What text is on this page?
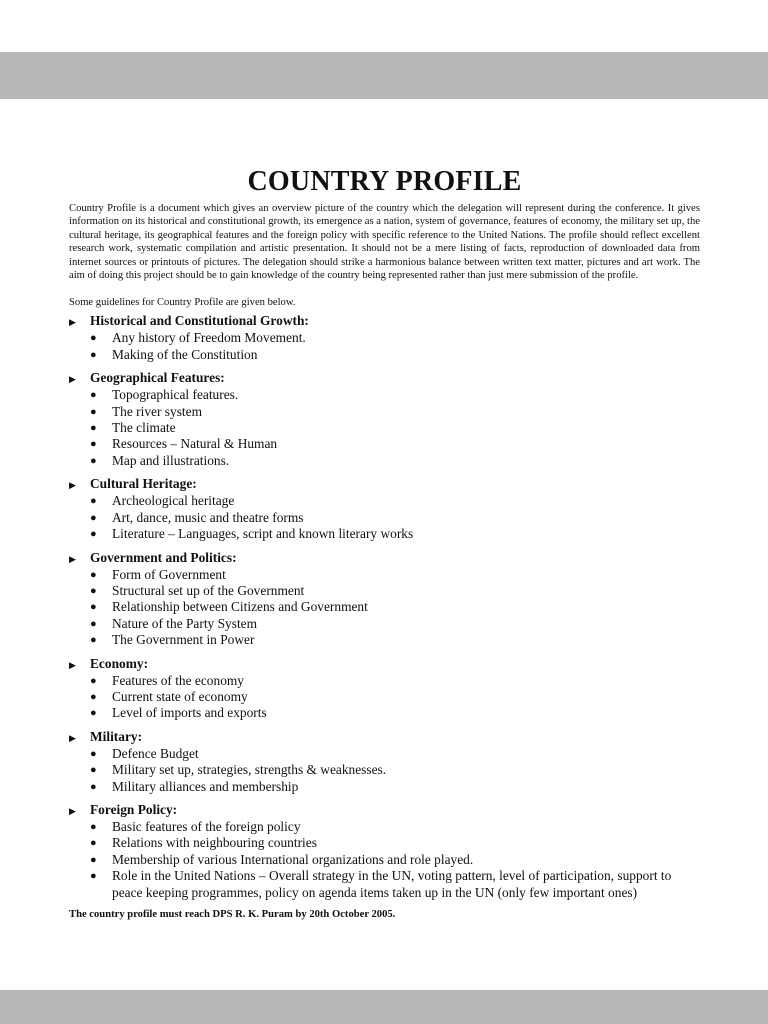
COUNTRY PROFILE

Country Profile is a document which gives an overview picture of the country which the delegation will represent during the conference. It gives information on its historical and constitutional growth, its emergence as a nation, system of governance, features of economy, the military set up, the cultural heritage, its geographical features and the foreign policy with specific reference to the United Nations. The profile should reflect excellent research work, systematic compilation and artistic presentation. It should not be a mere listing of facts, reproduction of downloaded data from internet sources or printouts of pictures. The delegation should strike a harmonious balance between written text matter, pictures and art work. The aim of doing this project should be to gain knowledge of the country being represented rather than just mere submission of the profile.

Some guidelines for Country Profile are given below.

▶	Historical and Constitutional Growth:
●	Any history of Freedom Movement.
●	Making of the Constitution
▶	Geographical Features:
●	Topographical features.
●	The river system
●	The climate
●	Resources – Natural & Human
●	Map and illustrations.
▶	Cultural Heritage:
●	Archeological heritage
●	Art, dance, music and theatre forms
●	Literature – Languages, script and known literary works
▶	Government and Politics:
●	Form of Government
●	Structural set up of the Government
●	Relationship between Citizens and Government
●	Nature of the Party System
●	The Government in Power
▶	Economy:
●	Features of the economy
●	Current state of economy
●	Level of imports and exports
▶	Military:
●	Defence Budget
●	Military set up, strategies, strengths & weaknesses.
●	Military alliances and membership
▶	Foreign Policy:
●	Basic features of the foreign policy
●	Relations with neighbouring countries
●	Membership of various International organizations and role played.
●	Role in the United Nations – Overall strategy in the UN, voting pattern, level of participation, support to peace keeping programmes, policy on agenda items taken up in the UN (only few important ones)

The country profile must reach DPS R. K. Puram by 20th October 2005.
